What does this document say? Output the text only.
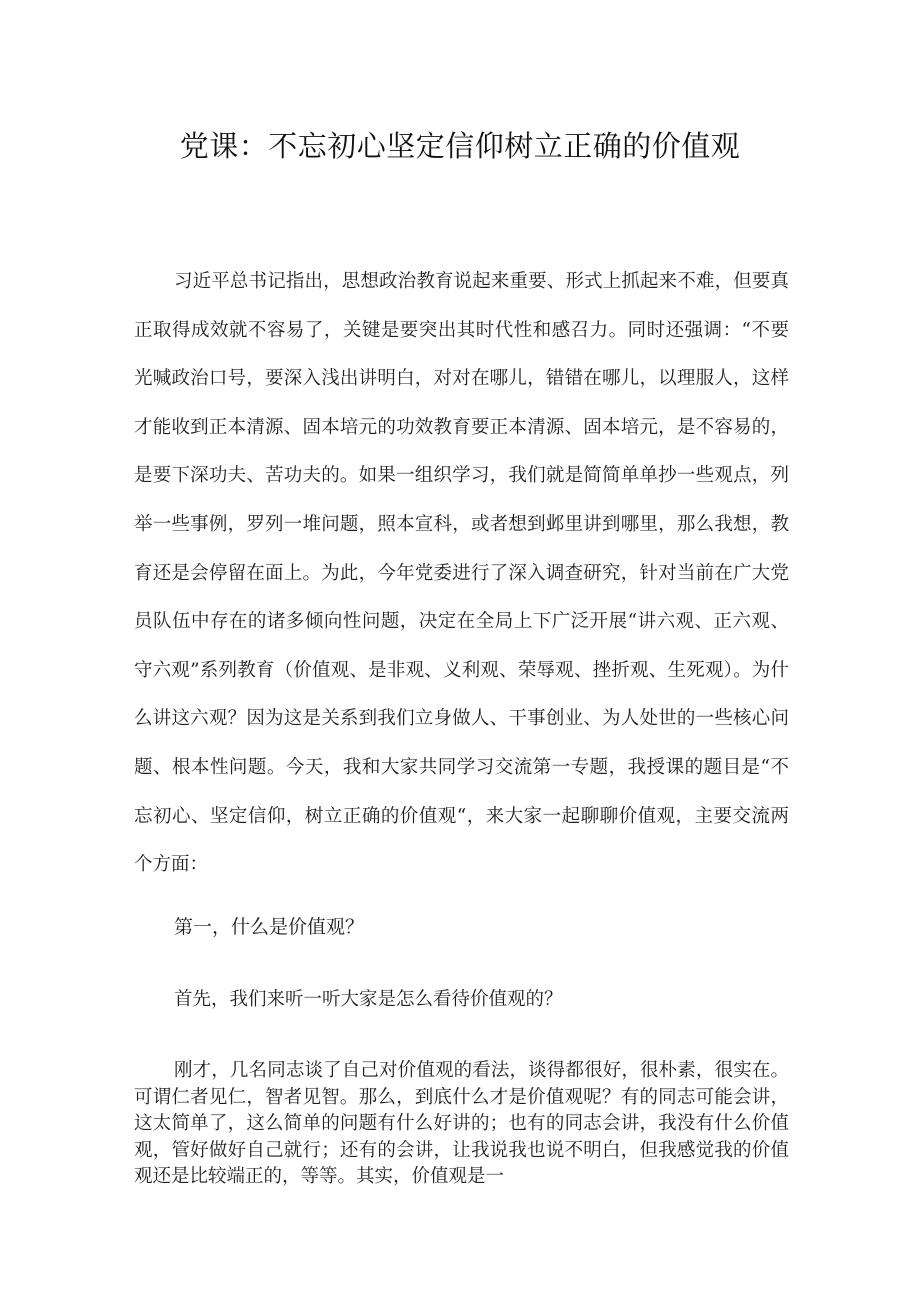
党课：不忘初心坚定信仰树立正确的价值观

习近平总书记指出，思想政治教育说起来重要、形式上抓起来不难，但要真正取得成效就不容易了，关键是要突出其时代性和感召力。同时还强调：“不要光喊政治口号，要深入浅出讲明白，对对在哪儿，错错在哪儿，以理服人，这样才能收到正本清源、固本培元的功效教育要正本清源、固本培元，是不容易的，是要下深功夫、苦功夫的。如果一组织学习，我们就是简简单单抄一些观点，列举一些事例，罗列一堆问题，照本宣科，或者想到邺里讲到哪里，那么我想，教育还是会停留在面上。为此，今年党委进行了深入调查研究，针对当前在广大党员队伍中存在的诸多倾向性问题，决定在全局上下广泛开展“讲六观、正六观、守六观”系列教育（价值观、是非观、义利观、荣辱观、挫折观、生死观）。为什么讲这六观？因为这是关系到我们立身做人、干事创业、为人处世的一些核心问题、根本性问题。今天，我和大家共同学习交流第一专题，我授课的题目是“不忘初心、坚定信仰，树立正确的价值观“，来大家一起聊聊价值观，主要交流两个方面：

第一，什么是价值观？

首先，我们来听一听大家是怎么看待价值观的？

刚才，几名同志谈了自己对价值观的看法，谈得都很好，很朴素，很实在。可谓仁者见仁，智者见智。那么，到底什么才是价值观呢？有的同志可能会讲，这太简单了，这么简单的问题有什么好讲的；也有的同志会讲，我没有什么价值观，管好做好自己就行；还有的会讲，让我说我也说不明白，但我感觉我的价值观还是比较端正的，等等。其实，价值观是一
